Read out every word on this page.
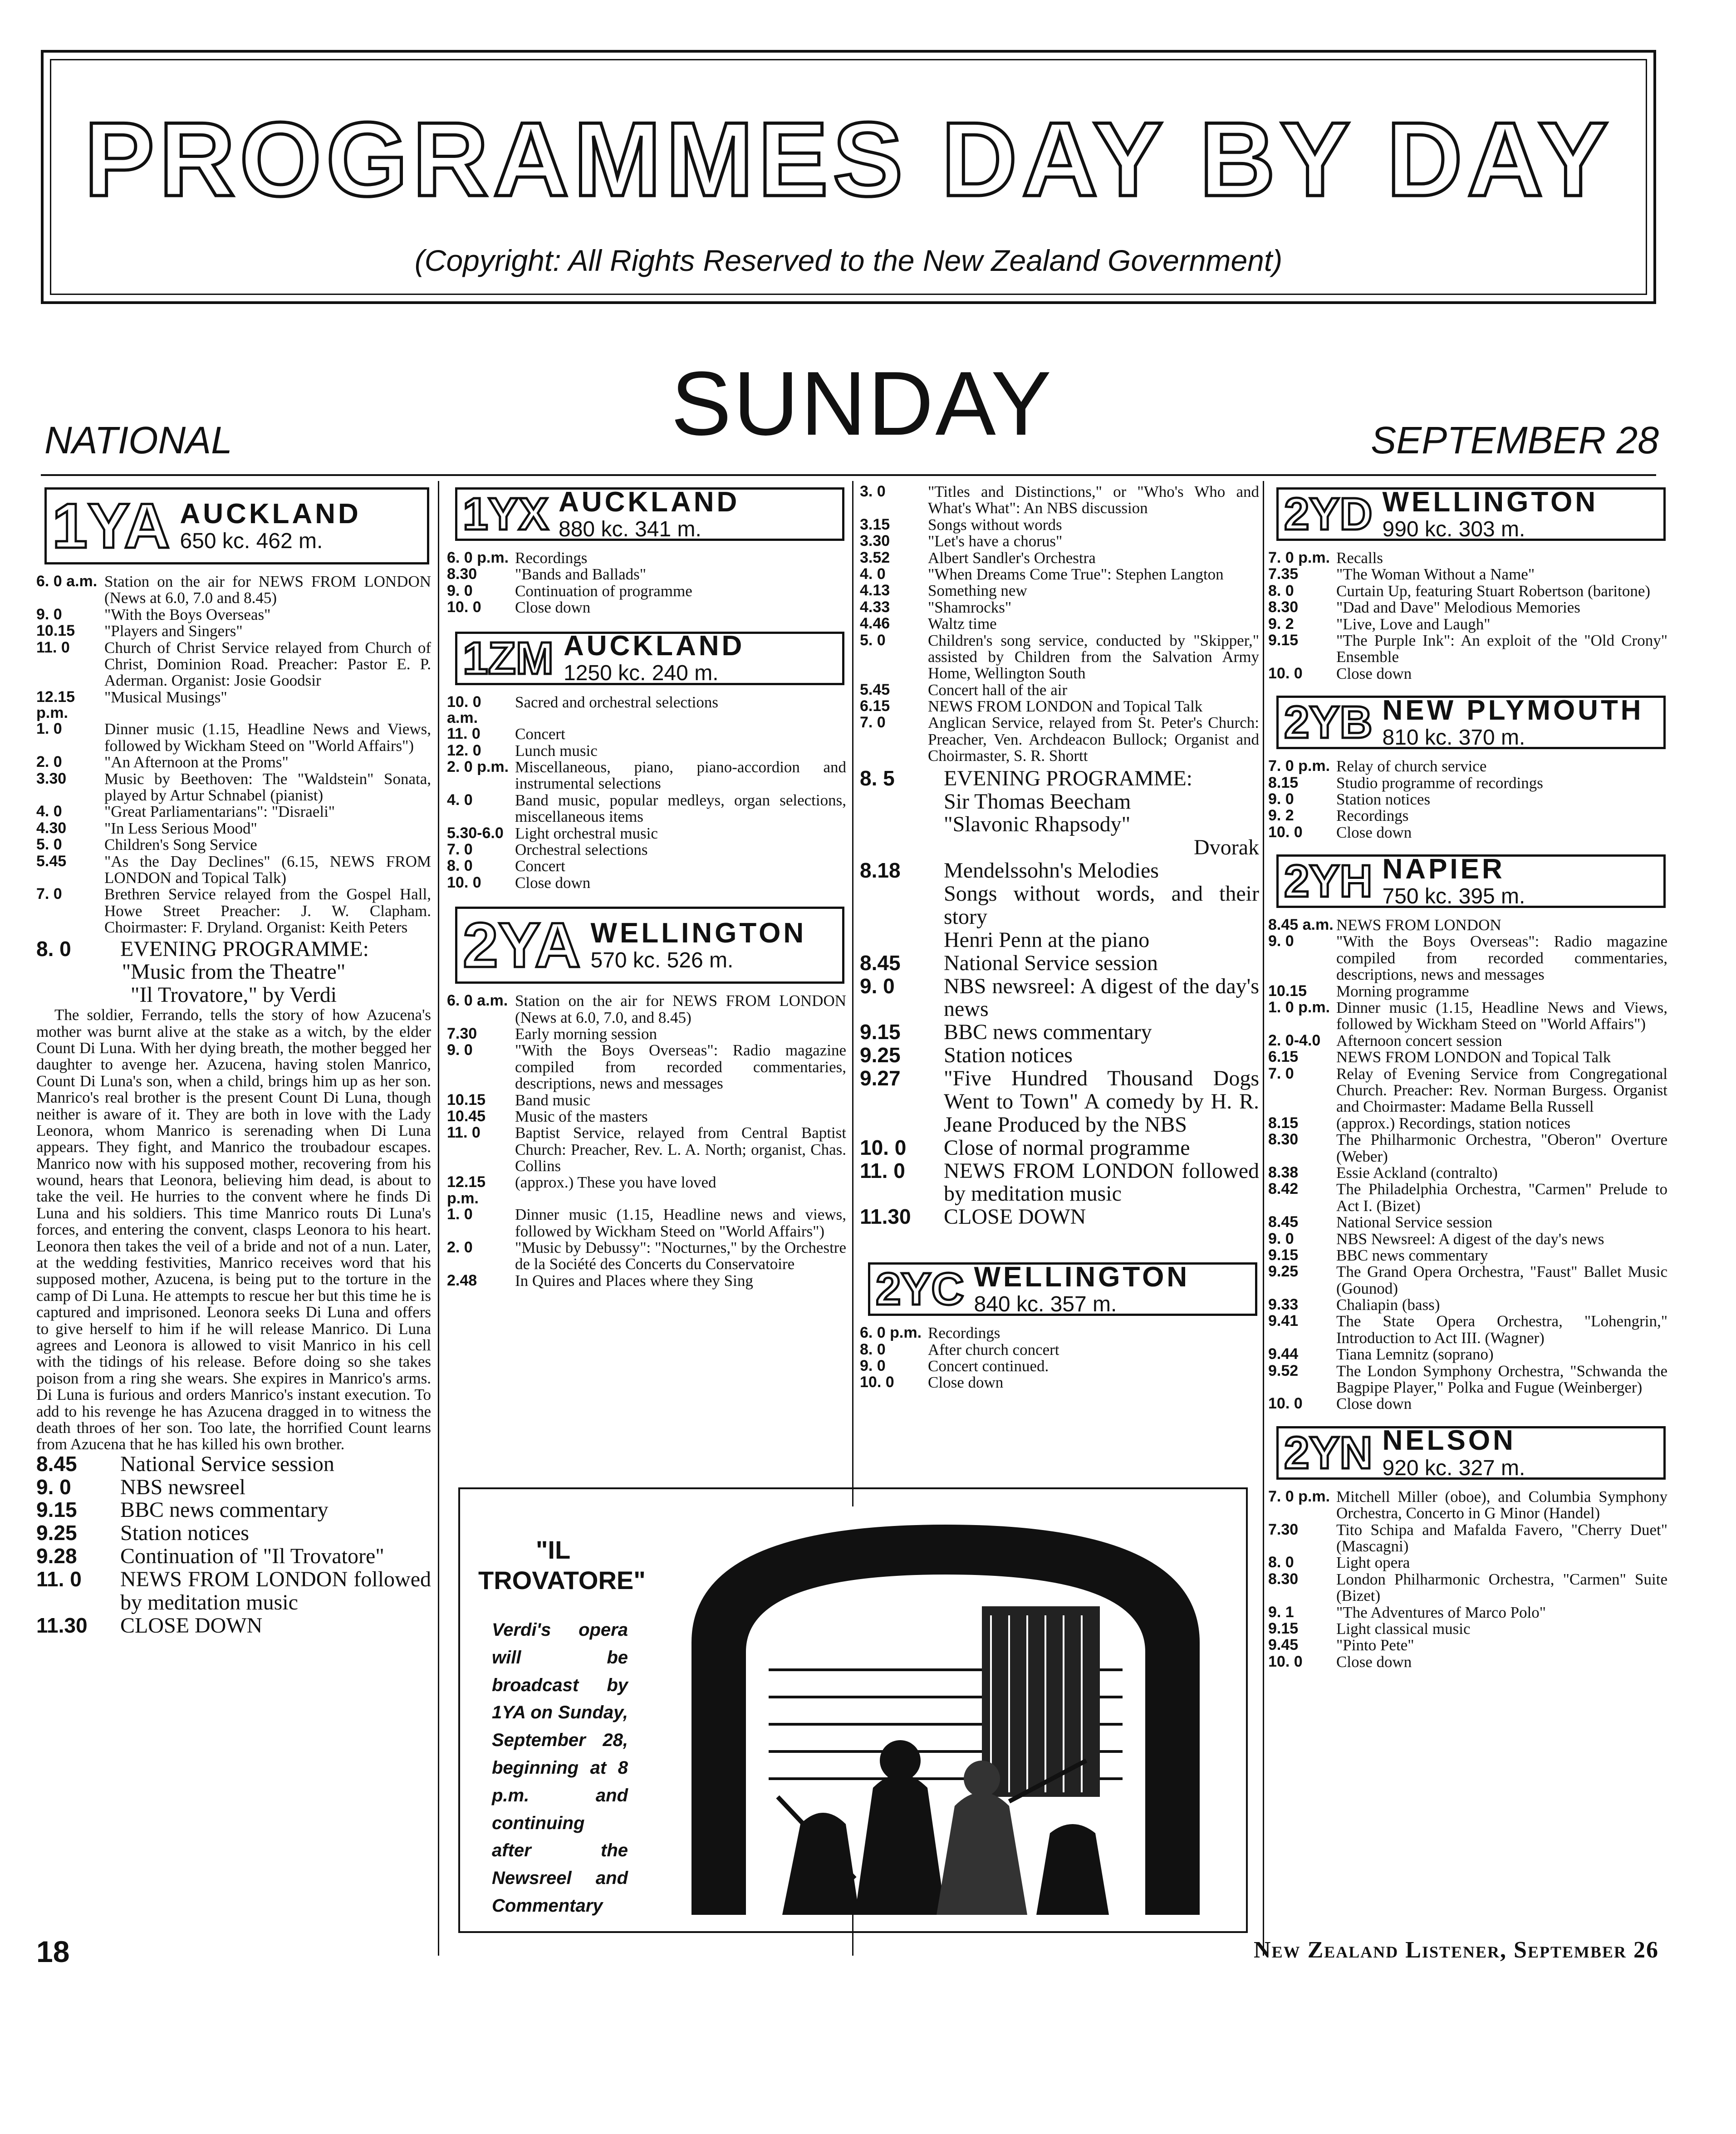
PROGRAMMES DAY BY DAY
(Copyright: All Rights Reserved to the New Zealand Government)
NATIONAL	SUNDAY	SEPTEMBER 28
1YA AUCKLAND
650 kc. 462 m.
6. 0 a.m. Station on the air for NEWS FROM LONDON (News at 6.0, 7.0 and 8.45)
9. 0	"With the Boys Overseas"
10.15	"Players and Singers"
11. 0	Church of Christ Service relayed from Church of Christ, Dominion Road. Preacher: Pastor E. P. Aderman. Organist: Josie Goodsir
12.15 p.m.
"Musical Musings"
1. 0	Dinner music (1.15, Headline News and Views, followed by Wickham Steed on "World Affairs")
2. 0	"An Afternoon at the Proms"
3.30	Music by Beethoven: The "Waldstein" Sonata, played by Artur Schnabel (pianist)
4. 0	"Great Parliamentarians": "Disraeli"
4.30	"In Less Serious Mood"
5. 0	Children's Song Service
5.45	"As the Day Declines" (6.15, NEWS FROM LONDON and Topical Talk)
7. 0	Brethren Service relayed from the Gospel Hall, Howe Street Preacher: J. W. Clapham. Choirmaster: F. Dryland. Organist: Keith Peters
8. 0	EVENING PROGRAMME:
"Music from the Theatre"
"Il Trovatore," by Verdi
The soldier, Ferrando, tells the story of how Azucena's mother was burnt alive at the stake as a witch, by the elder Count Di Luna. With her dying breath, the mother begged her daughter to avenge her. Azucena, having stolen Manrico, Count Di Luna's son, when a child, brings him up as her son. Manrico's real brother is the present Count Di Luna, though neither is aware of it. They are both in love with the Lady Leonora, whom Manrico is serenading when Di Luna appears. They fight, and Manrico the troubadour escapes. Manrico now with his supposed mother, recovering from his wound, hears that Leonora, believing him dead, is about to take the veil. He hurries to the convent where he finds Di Luna and his soldiers. This time Manrico routs Di Luna's forces, and entering the convent, clasps Leonora to his heart. Leonora then takes the veil of a bride and not of a nun. Later, at the wedding festivities, Manrico receives word that his supposed mother, Azucena, is being put to the torture in the camp of Di Luna. He attempts to rescue her but this time he is captured and imprisoned. Leonora seeks Di Luna and offers to give herself to him if he will release Manrico. Di Luna agrees and Leonora is allowed to visit Manrico in his cell with the tidings of his release. Before doing so she takes poison from a ring she wears. She expires in Manrico's arms. Di Luna is furious and orders Manrico's instant execution. To add to his revenge he has Azucena dragged in to witness the death throes of her son. Too late, the horrified Count learns from Azucena that he has killed his own brother.
8.45	National Service session
9. 0	NBS newsreel
9.15	BBC news commentary
9.25	Station notices
9.28	Continuation of "Il Trovatore"
11. 0	NEWS FROM LONDON followed by meditation music
11.30	CLOSE DOWN
1YX AUCKLAND
880 kc. 341 m.
6. 0 p.m. Recordings
8.30	"Bands and Ballads"
9. 0	Continuation of programme
10. 0	Close down
1ZM AUCKLAND
1250 kc. 240 m.
10. 0 a.m.
Sacred and orchestral selections
11. 0	Concert
12. 0	Lunch music
2. 0 p.m. Miscellaneous, piano, piano-accordion and instrumental selections
4. 0	Band music, popular medleys, organ selections, miscellaneous items
5.30-6.0 Light orchestral music
7. 0	Orchestral selections
8. 0	Concert
10. 0	Close down
2YA WELLINGTON
570 kc. 526 m.
6. 0 a.m. Station on the air for NEWS FROM LONDON (News at 6.0, 7.0, and 8.45)
7.30	Early morning session
9. 0	"With the Boys Overseas": Radio magazine compiled from recorded commentaries, descriptions, news and messages
10.15	Band music
10.45	Music of the masters
11. 0	Baptist Service, relayed from Central Baptist Church: Preacher, Rev. L. A. North; organist, Chas. Collins
12.15 p.m.
(approx.) These you have loved
1. 0	Dinner music (1.15, Headline news and views, followed by Wickham Steed on "World Affairs")
2. 0	"Music by Debussy": "Nocturnes," by the Orchestre de la Société des Concerts du Conservatoire
2.48	In Quires and Places where they Sing
3. 0	"Titles and Distinctions," or "Who's Who and What's What": An NBS discussion
3.15	Songs without words
3.30	"Let's have a chorus"
3.52	Albert Sandler's Orchestra
4. 0	"When Dreams Come True": Stephen Langton
4.13	Something new
4.33	"Shamrocks"
4.46	Waltz time
5. 0	Children's song service, conducted by "Skipper," assisted by Children from the Salvation Army Home, Wellington South
5.45	Concert hall of the air
6.15	NEWS FROM LONDON and Topical Talk
7. 0	Anglican Service, relayed from St. Peter's Church: Preacher, Ven. Archdeacon Bullock; Organist and Choirmaster, S. R. Shortt
8. 5	EVENING PROGRAMME:
Sir Thomas Beecham
"Slavonic Rhapsody"
Dvorak
8.18	Mendelssohn's Melodies
Songs without words, and their story
Henri Penn at the piano
8.45	National Service session
9. 0	NBS newsreel: A digest of the day's news
9.15	BBC news commentary
9.25	Station notices
9.27	"Five Hundred Thousand Dogs Went to Town" A comedy by H. R. Jeane Produced by the NBS
10. 0	Close of normal programme
11. 0	NEWS FROM LONDON followed by meditation music
11.30	CLOSE DOWN
2YC WELLINGTON
840 kc. 357 m.
6. 0 p.m. Recordings
8. 0	After church concert
9. 0	Concert continued.
10. 0	Close down
2YD WELLINGTON
990 kc. 303 m.
7. 0 p.m. Recalls
7.35	"The Woman Without a Name"
8. 0	Curtain Up, featuring Stuart Robertson (baritone)
8.30	"Dad and Dave" Melodious Memories
9. 2	"Live, Love and Laugh"
9.15	"The Purple Ink": An exploit of the "Old Crony" Ensemble
10. 0	Close down
2YB NEW PLYMOUTH
810 kc. 370 m.
7. 0 p.m. Relay of church service
8.15	Studio programme of recordings
9. 0	Station notices
9. 2	Recordings
10. 0	Close down
2YH NAPIER
750 kc. 395 m.
8.45 a.m. NEWS FROM LONDON
9. 0	"With the Boys Overseas": Radio magazine compiled from recorded commentaries, descriptions, news and messages
10.15	Morning programme
1. 0 p.m. Dinner music (1.15, Headline News and Views, followed by Wickham Steed on "World Affairs")
2. 0-4.0 Afternoon concert session
6.15	NEWS FROM LONDON and Topical Talk
7. 0	Relay of Evening Service from Congregational Church. Preacher: Rev. Norman Burgess. Organist and Choirmaster: Madame Bella Russell
8.15	(approx.) Recordings, station notices
8.30	The Philharmonic Orchestra, "Oberon" Overture (Weber)
8.38	Essie Ackland (contralto)
8.42	The Philadelphia Orchestra, "Carmen" Prelude to Act I. (Bizet)
8.45	National Service session
9. 0	NBS Newsreel: A digest of the day's news
9.15	BBC news commentary
9.25	The Grand Opera Orchestra, "Faust" Ballet Music (Gounod)
9.33	Chaliapin (bass)
9.41	The State Opera Orchestra, "Lohengrin," Introduction to Act III. (Wagner)
9.44	Tiana Lemnitz (soprano)
9.52	The London Symphony Orchestra, "Schwanda the Bagpipe Player," Polka and Fugue (Weinberger)
10. 0	Close down
2YN NELSON
920 kc. 327 m.
7. 0 p.m. Mitchell Miller (oboe), and Columbia Symphony Orchestra, Concerto in G Minor (Handel)
7.30	Tito Schipa and Mafalda Favero, "Cherry Duet" (Mascagni)
8. 0	Light opera
8.30	London Philharmonic Orchestra, "Carmen" Suite (Bizet)
9. 1	"The Adventures of Marco Polo"
9.15	Light classical music
9.45	"Pinto Pete"
10. 0	Close down
"IL TROVATORE"
Verdi's opera will be broadcast by 1YA on Sunday, September 28, beginning at 8 p.m. and continuing after the Newsreel and Commentary
18	New Zealand Listener, September 26
